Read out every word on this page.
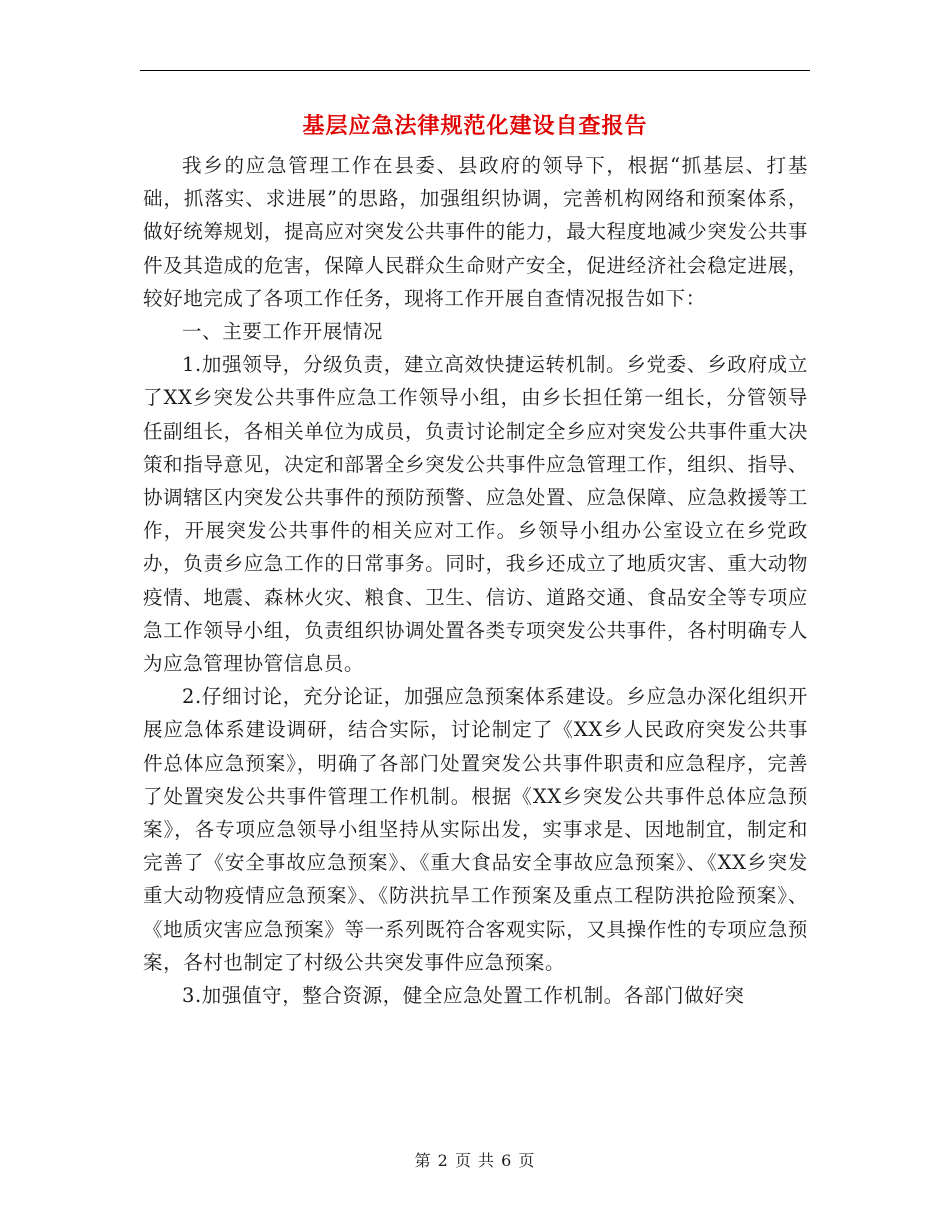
基层应急法律规范化建设自查报告

我乡的应急管理工作在县委、县政府的领导下，根据“抓基层、打基础，抓落实、求进展”的思路，加强组织协调，完善机构网络和预案体系，做好统筹规划，提高应对突发公共事件的能力，最大程度地减少突发公共事件及其造成的危害，保障人民群众生命财产安全，促进经济社会稳定进展，较好地完成了各项工作任务，现将工作开展自查情况报告如下：

一、主要工作开展情况

1.加强领导，分级负责，建立高效快捷运转机制。乡党委、乡政府成立了XX乡突发公共事件应急工作领导小组，由乡长担任第一组长，分管领导任副组长，各相关单位为成员，负责讨论制定全乡应对突发公共事件重大决策和指导意见，决定和部署全乡突发公共事件应急管理工作，组织、指导、协调辖区内突发公共事件的预防预警、应急处置、应急保障、应急救援等工作，开展突发公共事件的相关应对工作。乡领导小组办公室设立在乡党政办，负责乡应急工作的日常事务。同时，我乡还成立了地质灾害、重大动物疫情、地震、森林火灾、粮食、卫生、信访、道路交通、食品安全等专项应急工作领导小组，负责组织协调处置各类专项突发公共事件，各村明确专人为应急管理协管信息员。

2.仔细讨论，充分论证，加强应急预案体系建设。乡应急办深化组织开展应急体系建设调研，结合实际，讨论制定了《XX乡人民政府突发公共事件总体应急预案》，明确了各部门处置突发公共事件职责和应急程序，完善了处置突发公共事件管理工作机制。根据《XX乡突发公共事件总体应急预案》，各专项应急领导小组坚持从实际出发，实事求是、因地制宜，制定和完善了《安全事故应急预案》、《重大食品安全事故应急预案》、《XX乡突发重大动物疫情应急预案》、《防洪抗旱工作预案及重点工程防洪抢险预案》、《地质灾害应急预案》等一系列既符合客观实际，又具操作性的专项应急预案，各村也制定了村级公共突发事件应急预案。

3.加强值守，整合资源，健全应急处置工作机制。各部门做好突

第 2 页 共 6 页
